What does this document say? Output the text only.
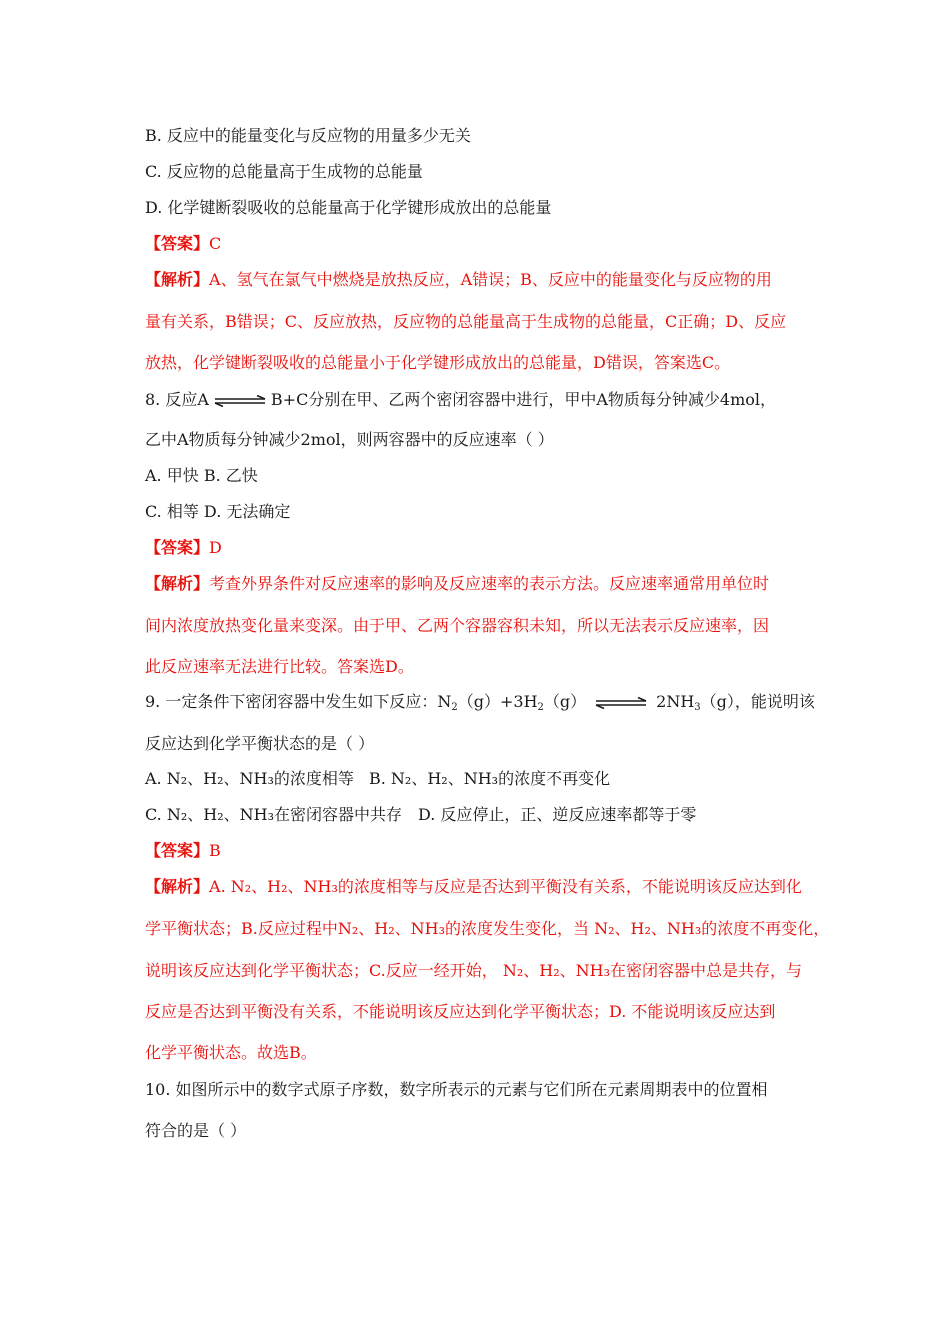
B. 反应中的能量变化与反应物的用量多少无关
C. 反应物的总能量高于生成物的总能量
D. 化学键断裂吸收的总能量高于化学键形成放出的总能量
【答案】C
【解析】A、氢气在氯气中燃烧是放热反应，A错误；B、反应中的能量变化与反应物的用
量有关系，B错误；C、反应放热，反应物的总能量高于生成物的总能量，C正确；D、反应
放热，化学键断裂吸收的总能量小于化学键形成放出的总能量，D错误，答案选C。
8. 反应A ⇌ B+C分别在甲、乙两个密闭容器中进行，甲中A物质每分钟减少4mol，
乙中A物质每分钟减少2mol，则两容器中的反应速率（ ）
A. 甲快 B. 乙快
C. 相等 D. 无法确定
【答案】D
【解析】考查外界条件对反应速率的影响及反应速率的表示方法。反应速率通常用单位时
间内浓度放热变化量来变深。由于甲、乙两个容器容积未知，所以无法表示反应速率，因
此反应速率无法进行比较。答案选D。
9. 一定条件下密闭容器中发生如下反应：$N_2(g)+3H_2(g)$ ⇌ $2NH_3(g)$，能说明该
反应达到化学平衡状态的是（ ）
A. N₂、H₂、NH₃的浓度相等 B. N₂、H₂、NH₃的浓度不再变化
C. N₂、H₂、NH₃在密闭容器中共存 D. 反应停止，正、逆反应速率都等于零
【答案】B
【解析】A. N₂、H₂、NH₃的浓度相等与反应是否达到平衡没有关系，不能说明该反应达到化
学平衡状态；B.反应过程中N₂、H₂、NH₃的浓度发生变化，当 N₂、H₂、NH₃的浓度不再变化，
说明该反应达到化学平衡状态；C.反应一经开始， N₂、H₂、NH₃在密闭容器中总是共存，与
反应是否达到平衡没有关系，不能说明该反应达到化学平衡状态；D. 不能说明该反应达到
化学平衡状态。故选B。
10. 如图所示中的数字式原子序数，数字所表示的元素与它们所在元素周期表中的位置相
符合的是（ ）
